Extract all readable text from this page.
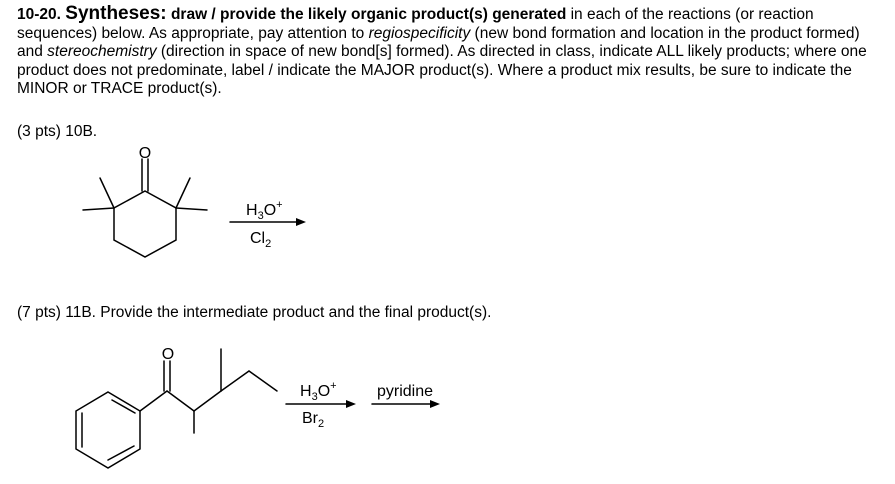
10-20. Syntheses: draw / provide the likely organic product(s) generated in each of the reactions (or reaction sequences) below. As appropriate, pay attention to regiospecificity (new bond formation and location in the product formed) and stereochemistry (direction in space of new bond[s] formed). As directed in class, indicate ALL likely products; where one product does not predominate, label / indicate the MAJOR product(s). Where a product mix results, be sure to indicate the MINOR or TRACE product(s).
(3 pts) 10B.
(7 pts) 11B. Provide the intermediate product and the final product(s).
O
O
$H_3O^+$
$Cl_2$
$H_3O^+$
$Br_2$
pyridine
